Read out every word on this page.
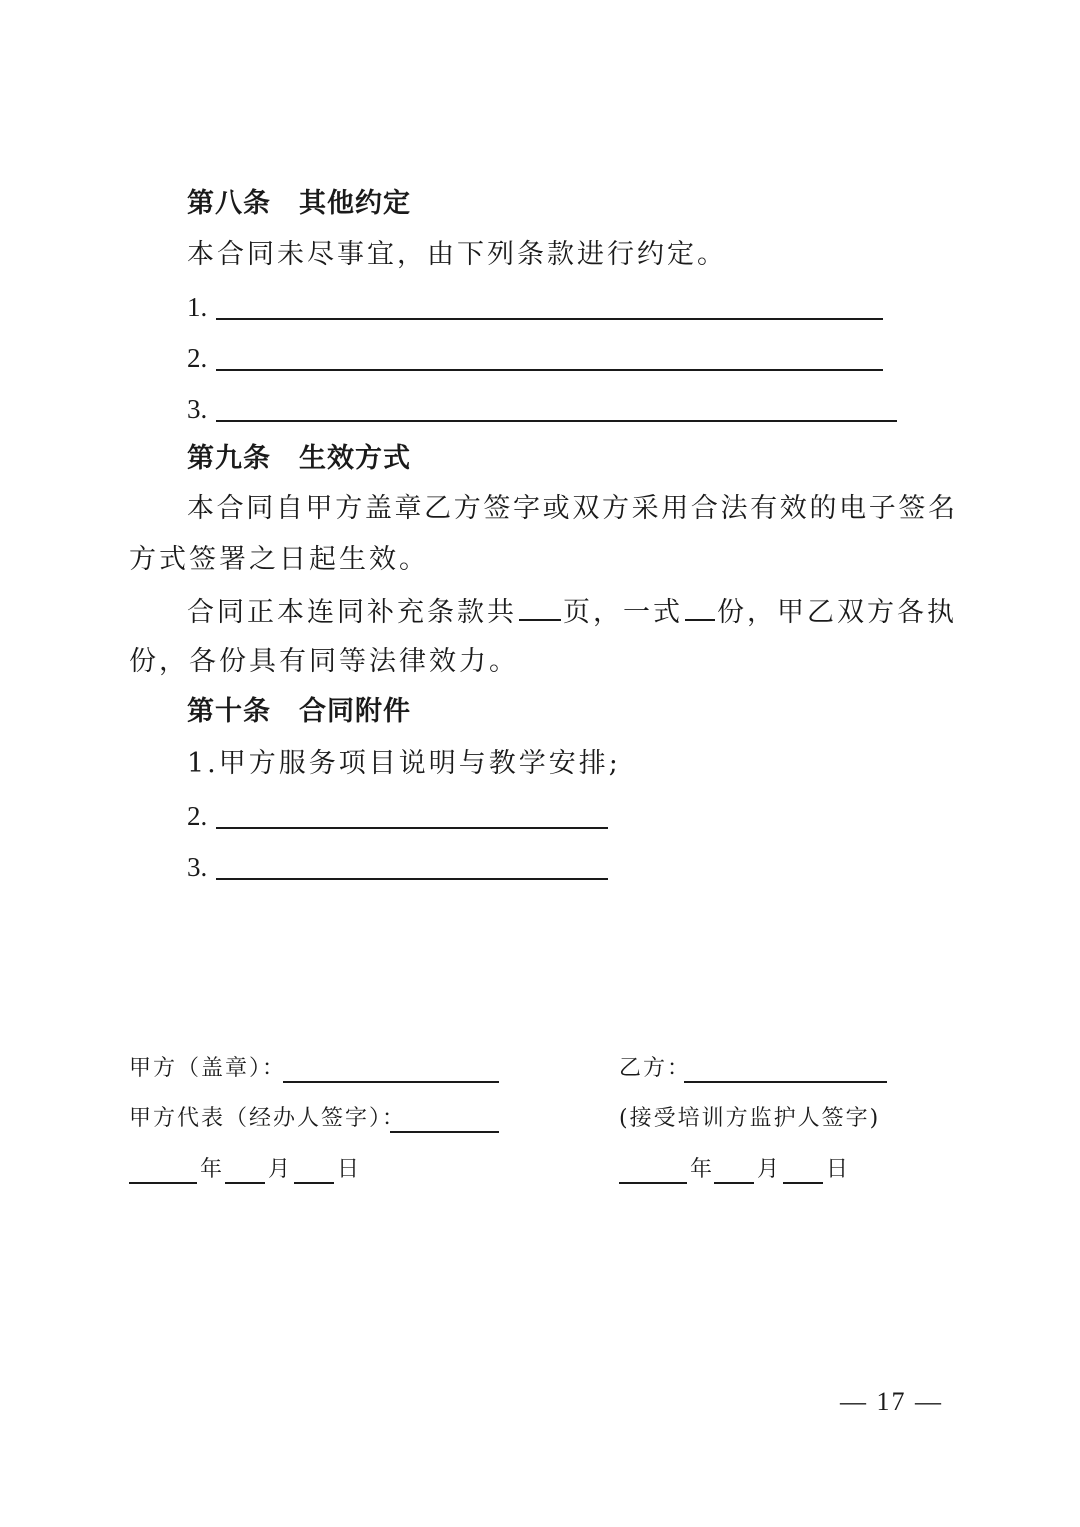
第八条 其他约定
本合同未尽事宜，由下列条款进行约定。
1.
2.
3.
第九条 生效方式
本合同自甲方盖章乙方签字或双方采用合法有效的电子签名
方式签署之日起生效。
合同正本连同补充条款共 页，一式 份，甲乙双方各执
份，各份具有同等法律效力。
第十条 合同附件
1.甲方服务项目说明与教学安排;
2.
3.
甲方（盖章）：
甲方代表（经办人签字）：
年 月 日
乙方：
(接受培训方监护人签字)
年 月 日
— 17 —
